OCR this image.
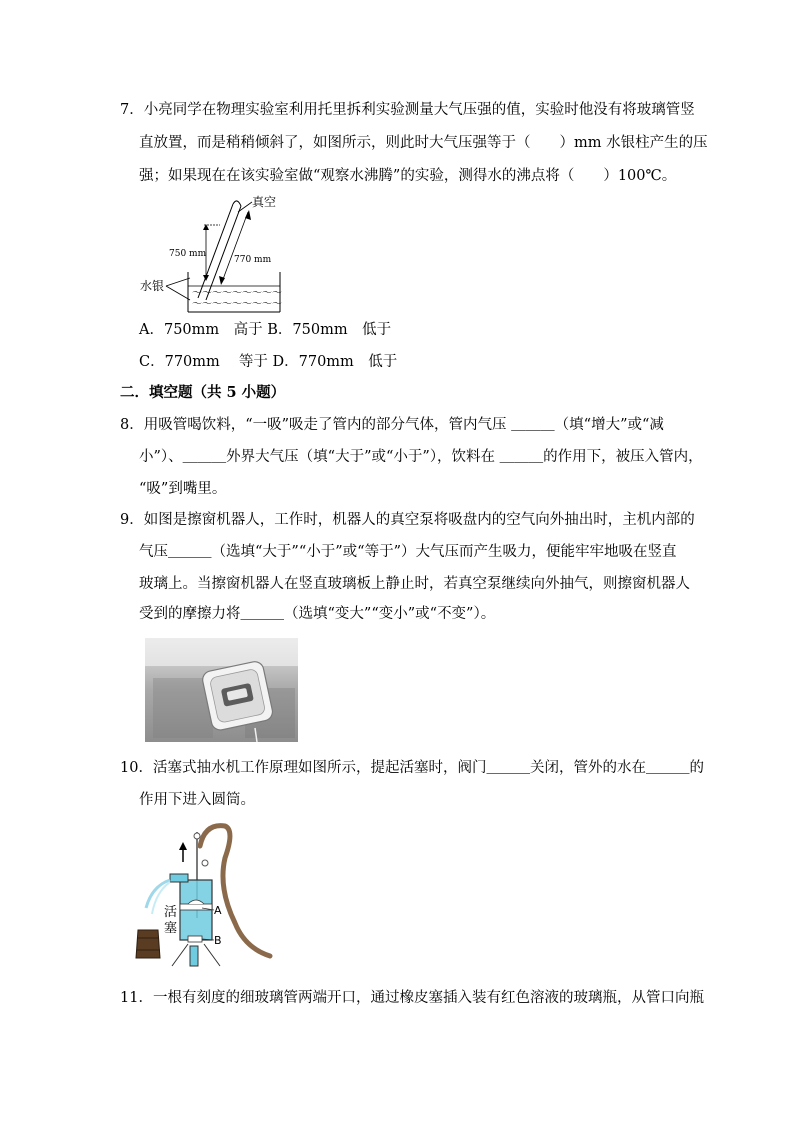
7．小亮同学在物理实验室利用托里拆利实验测量大气压强的值，实验时他没有将玻璃管竖
直放置，而是稍稍倾斜了，如图所示，则此时大气压强等于（　　）mm 水银柱产生的压
强；如果现在在该实验室做“观察水沸腾”的实验，测得水的沸点将（　　）100℃。
真空
750 mm
770 mm
～～～～～～～～～
～～～～～～～～～
水银
A．750mm　高于 B．750mm　低于
C．770mm　 等于 D．770mm　低于
二．填空题（共 5 小题）
8．用吸管喝饮料，“一吸”吸走了管内的部分气体，管内气压 ＿＿＿（填“增大”或“减
小”）、＿＿＿外界大气压（填“大于”或“小于”），饮料在 ＿＿＿的作用下，被压入管内，
“吸”到嘴里。
9．如图是擦窗机器人，工作时，机器人的真空泵将吸盘内的空气向外抽出时，主机内部的
气压＿＿＿（选填“大于”“小于”或“等于”）大气压而产生吸力，便能牢牢地吸在竖直
玻璃上。当擦窗机器人在竖直玻璃板上静止时，若真空泵继续向外抽气，则擦窗机器人
受到的摩擦力将＿＿＿（选填“变大”“变小”或“不变”）。
10．活塞式抽水机工作原理如图所示，提起活塞时，阀门＿＿＿关闭，管外的水在＿＿＿的
作用下进入圆筒。
活
塞
A
B
11．一根有刻度的细玻璃管两端开口，通过橡皮塞插入装有红色溶液的玻璃瓶，从管口向瓶
